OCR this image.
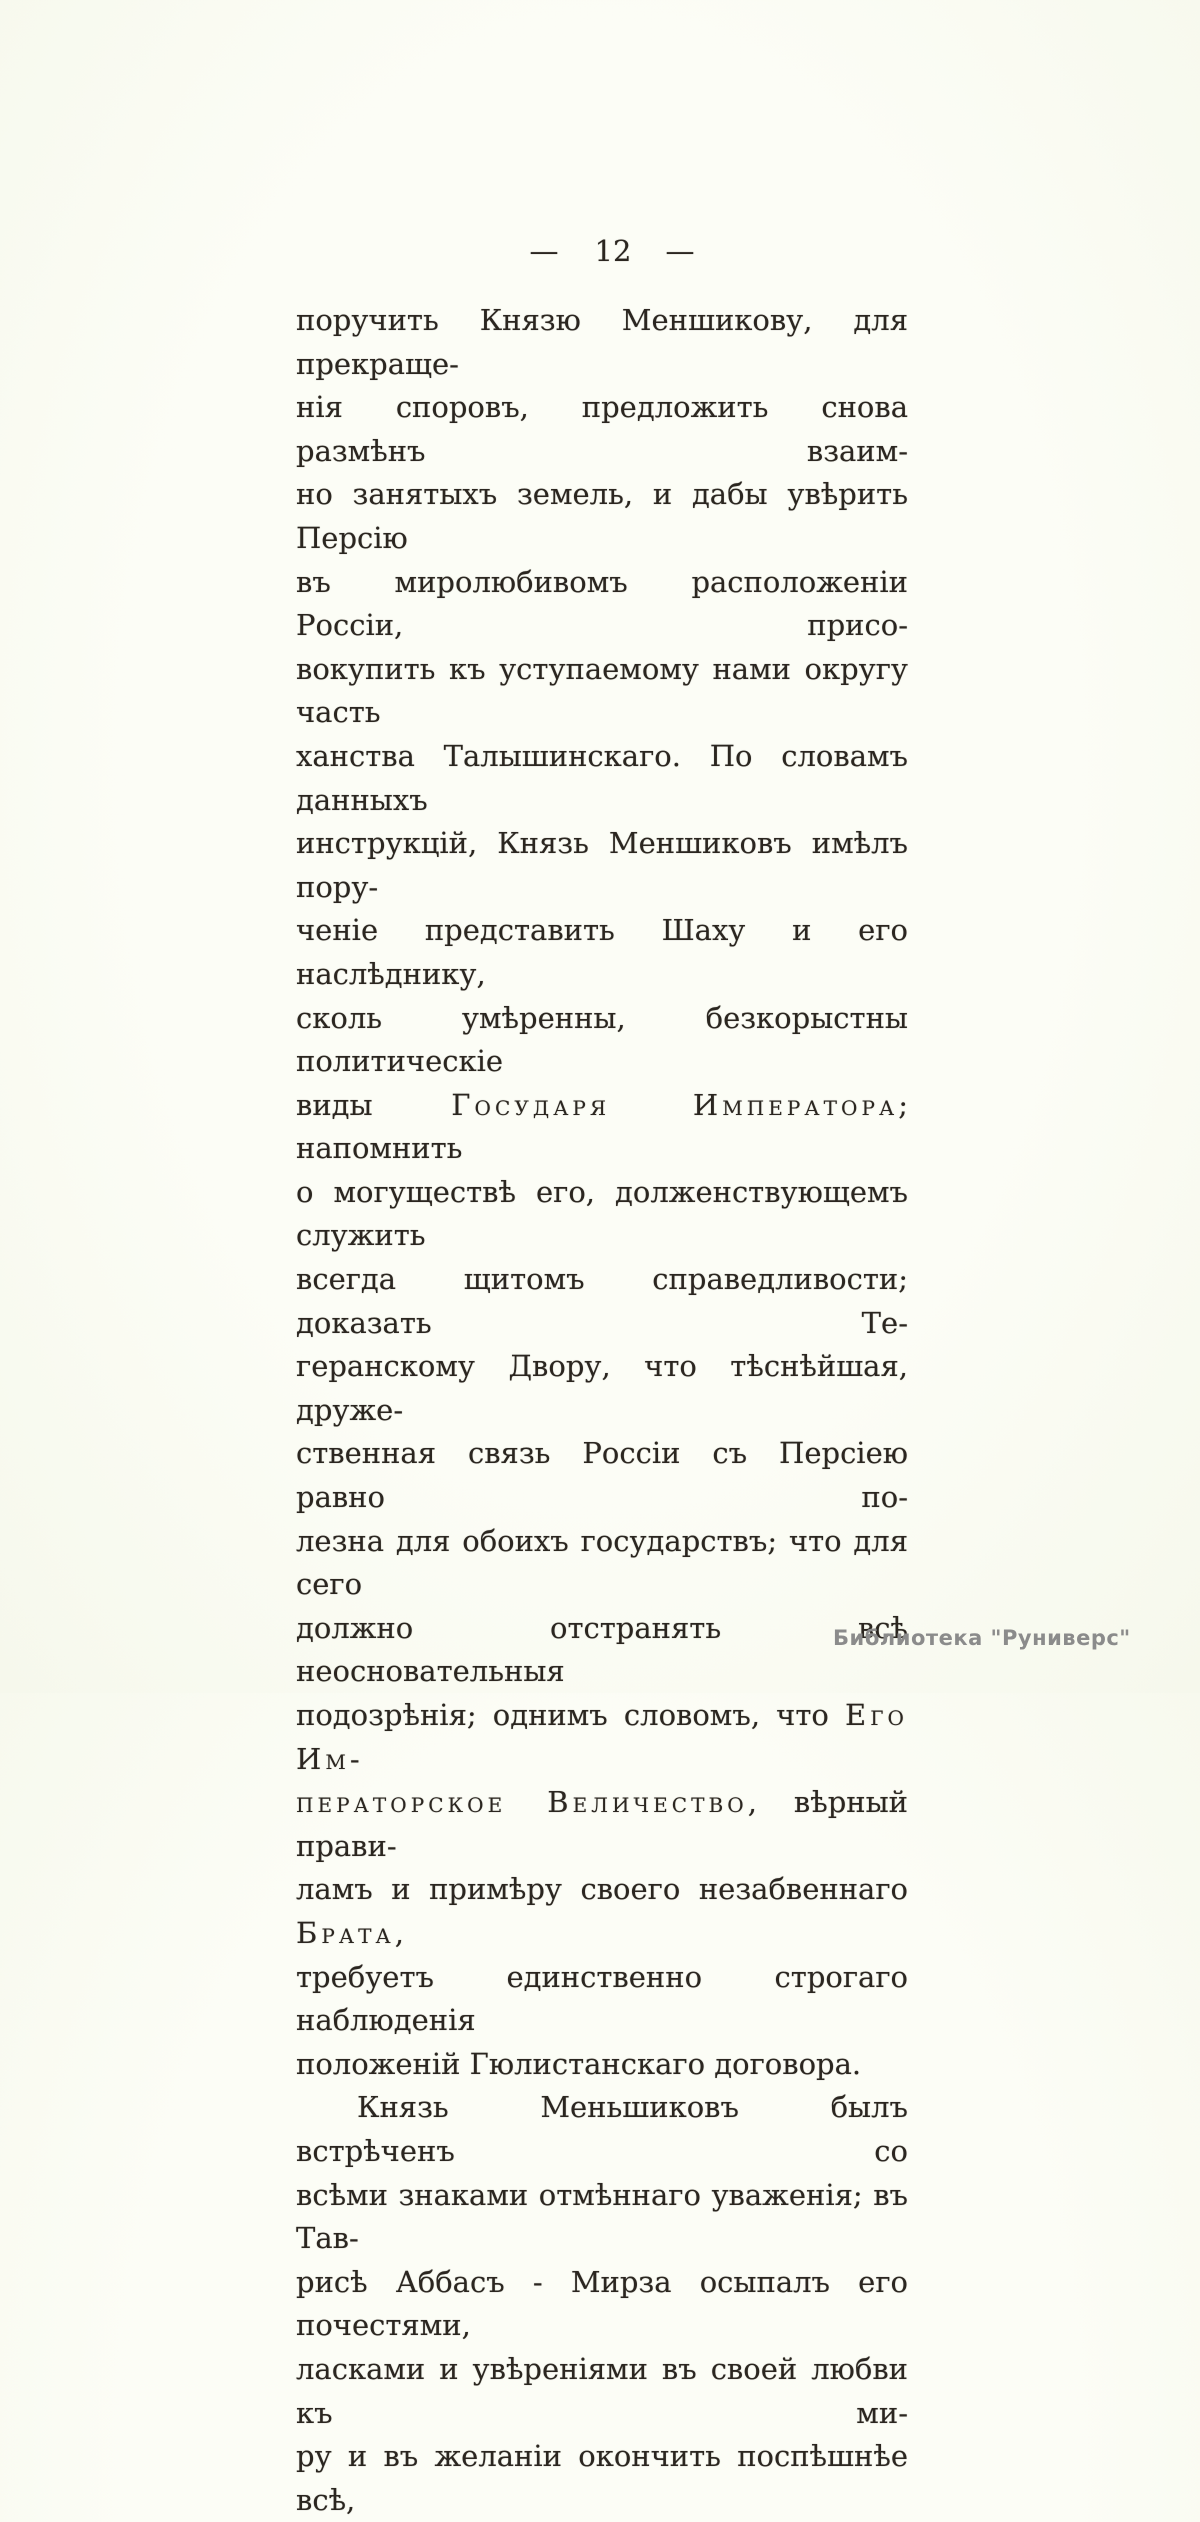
— 12 —
поручить Князю Меншикову, для прекраще-
нія споровъ, предложить снова размѣнъ взаим-
но занятыхъ земель, и дабы увѣрить Персію
въ миролюбивомъ расположеніи Россіи, присо-
вокупить къ уступаемому нами округу часть
ханства Талышинскаго. По словамъ данныхъ
инструкцій, Князь Меншиковъ имѣлъ пору-
ченіе представить Шаху и его наслѣднику,
сколь умѣренны, безкорыстны политическіе
виды Государя Императора; напомнить
о могуществѣ его, долженствующемъ служить
всегда щитомъ справедливости; доказать Те-
геранскому Двору, что тѣснѣйшая, друже-
ственная связь Россіи съ Персіею равно по-
лезна для обоихъ государствъ; что для сего
должно отстранять всѣ неосновательныя
подозрѣнія; однимъ словомъ, что Его Им-
ператорское Величество, вѣрный прави-
ламъ и примѣру своего незабвеннаго Брата,
требуетъ единственно строгаго наблюденія
положеній Гюлистанскаго договора.
Князь Меньшиковъ былъ встрѣченъ со
всѣми знаками отмѣннаго уваженія; въ Тав-
рисѣ Аббасъ - Мирза осыпалъ его почестями,
ласками и увѣреніями въ своей любви къ ми-
ру и въ желаніи окончить поспѣшнѣе всѣ,
Библиотека "Руниверс"
